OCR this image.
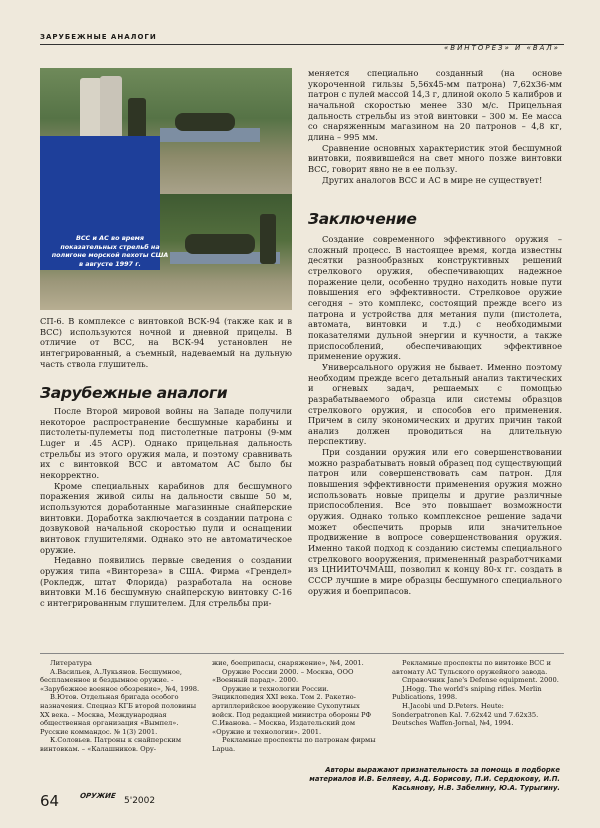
ЗАРУБЕЖНЫЕ АНАЛОГИ
«ВИНТОРЕЗ» И «ВАЛ»
ВСС и АС во время показательных стрельб на полигоне морской пехоты США в августе 1997 г.

СП-6. В комплексе с винтовкой ВСК-94 (также как и в ВСС) используются ночной и дневной прицелы. В отличие от ВСС, на ВСК-94 установлен не интегрированный, а съемный, надеваемый на дульную часть ствола глушитель.

Зарубежные аналоги

После Второй мировой войны на Западе получили некоторое распространение бесшумные карабины и пистолеты-пулеметы под пистолетные патроны (9-мм Luger и .45 ACP). Однако прицельная дальность стрельбы из этого оружия мала, и поэтому сравнивать их с винтовкой ВСС и автоматом АС было бы некорректно.

Кроме специальных карабинов для бесшумного поражения живой силы на дальности свыше 50 м, используются доработанные магазинные снайперские винтовки. Доработка заключается в создании патрона с дозвуковой начальной скоростью пули и оснащении винтовок глушителями. Однако это не автоматическое оружие.

Недавно появились первые сведения о создании оружия типа «Винтореза» в США. Фирма «Грендел» (Рокледж, штат Флорида) разработала на основе винтовки М.16 бесшумную снайперскую винтовку С-16 с интегрированным глушителем. Для стрельбы при-

меняется специально созданный (на основе укороченной гильзы 5,56х45-мм патрона) 7,62х36-мм патрон с пулей массой 14,3 г, длиной около 5 калибров и начальной скоростью менее 330 м/с. Прицельная дальность стрельбы из этой винтовки – 300 м. Ее масса со снаряженным магазином на 20 патронов – 4,8 кг, длина – 995 мм.

Сравнение основных характеристик этой бесшумной винтовки, появившейся на свет много позже винтовки ВСС, говорит явно не в ее пользу.

Других аналогов ВСС и АС в мире не существует!

Заключение

Создание современного эффективного оружия – сложный процесс. В настоящее время, когда известны десятки разнообразных конструктивных решений стрелкового оружия, обеспечивающих надежное поражение цели, особенно трудно находить новые пути повышения его эффективности. Стрелковое оружие сегодня – это комплекс, состоящий прежде всего из патрона и устройства для метания пули (пистолета, автомата, винтовки и т.д.) с необходимыми показателями дульной энергии и кучности, а также приспособлений, обеспечивающих эффективное применение оружия.

Универсального оружия не бывает. Именно поэтому необходим прежде всего детальный анализ тактических и огневых задач, решаемых с помощью разрабатываемого образца или системы образцов стрелкового оружия, и способов его применения. Причем в силу экономических и других причин такой анализ должен проводиться на длительную перспективу.

При создании оружия или его совершенствовании можно разрабатывать новый образец под существующий патрон или совершенствовать сам патрон. Для повышения эффективности применения оружия можно использовать новые прицелы и другие различные приспособления. Все это повышает возможности оружия. Однако только комплексное решение задачи может обеспечить прорыв или значительное продвижение в вопросе совершенствования оружия. Именно такой подход к созданию системы специального стрелкового вооружения, примененный разработчиками из ЦНИИТОЧМАШ, позволил к концу 80-х гг. создать в СССР лучшие в мире образцы бесшумного специального оружия и боеприпасов.

Литература

А.Васильев, А.Лукьянов. Бесшумное, беспламенное и бездымное оружие. - «Зарубежное военное обозрение», №4, 1998.

В.Ютов. Отдельная бригада особого назначения. Спецназ КГБ второй половины XX века. – Москва, Международная общественная организация «Вымпел». Русские коммандос. № 1(3) 2001.

К.Соловьев. Патроны к снайперским винтовкам. – «Калашников. Ору-

жие, боеприпасы, снаряжение», №4, 2001.

Оружие России 2000. – Москва, ООО «Военный парад». 2000.

Оружие и технологии России. Энциклопедия XXI века. Том 2. Ракетно-артиллерийское вооружение Сухопутных войск. Под редакцией министра обороны РФ С.Иванова. – Москва, Издательский дом «Оружие и технологии». 2001.

Рекламные проспекты по патронам фирмы Lapua.

Рекламные проспекты по винтовке ВСС и автомату АС Тульского оружейного завода.

Справочник Jane's Defense equipment. 2000.

J.Hogg. The world's sniping rifles. Merlin Publications, 1998.

H.Jacobi und D.Peters. Heute: Sonderpatronen Kal. 7.62x42 und 7.62x35. Deutsches Waffen-Jornal, №4, 1994.

Авторы выражают признательность за помощь в подборке материалов И.В. Беляеву, А.Д. Борисову, П.И. Сердюкову, И.П. Касьянову, Н.В. Забелину, Ю.А. Турыгину.
64	ОРУЖИЕ 5'2002
